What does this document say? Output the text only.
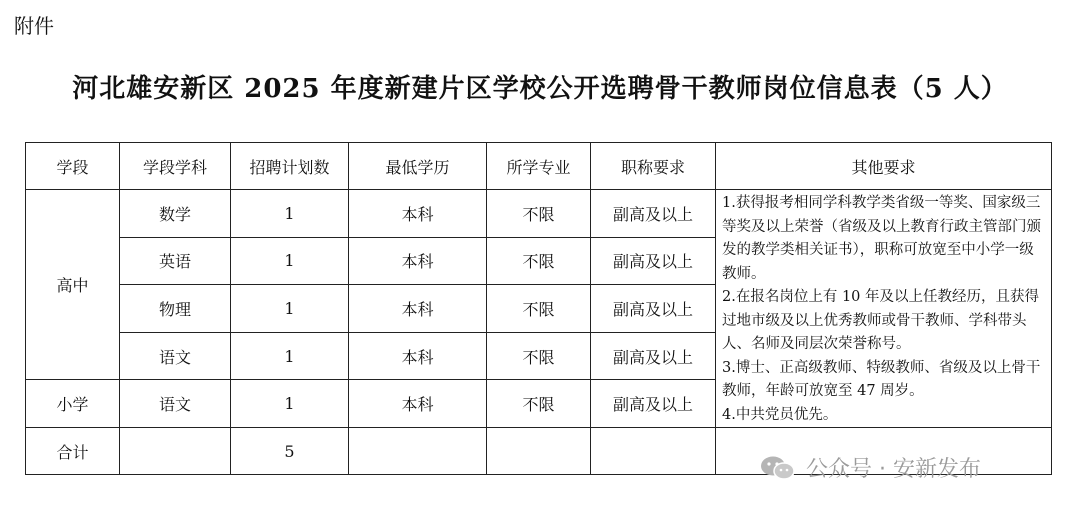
附件
河北雄安新区 2025 年度新建片区学校公开选聘骨干教师岗位信息表（5 人）
学段	学段学科	招聘计划数	最低学历	所学专业	职称要求	其他要求
高中	数学	1	本科	不限	副高及以上	1.获得报考相同学科教学类省级一等奖、国家级三等奖及以上荣誉（省级及以上教育行政主管部门颁发的教学类相关证书），职称可放宽至中小学一级教师。
2.在报名岗位上有 10 年及以上任教经历，且获得过地市级及以上优秀教师或骨干教师、学科带头人、名师及同层次荣誉称号。
3.博士、正高级教师、特级教师、省级及以上骨干教师，年龄可放宽至 47 周岁。
4.中共党员优先。

	英语	1	本科	不限	副高及以上	
	物理	1	本科	不限	副高及以上	
	语文	1	本科	不限	副高及以上	
小学	语文	1	本科	不限	副高及以上	
合计		5				
公众号 · 安新发布
